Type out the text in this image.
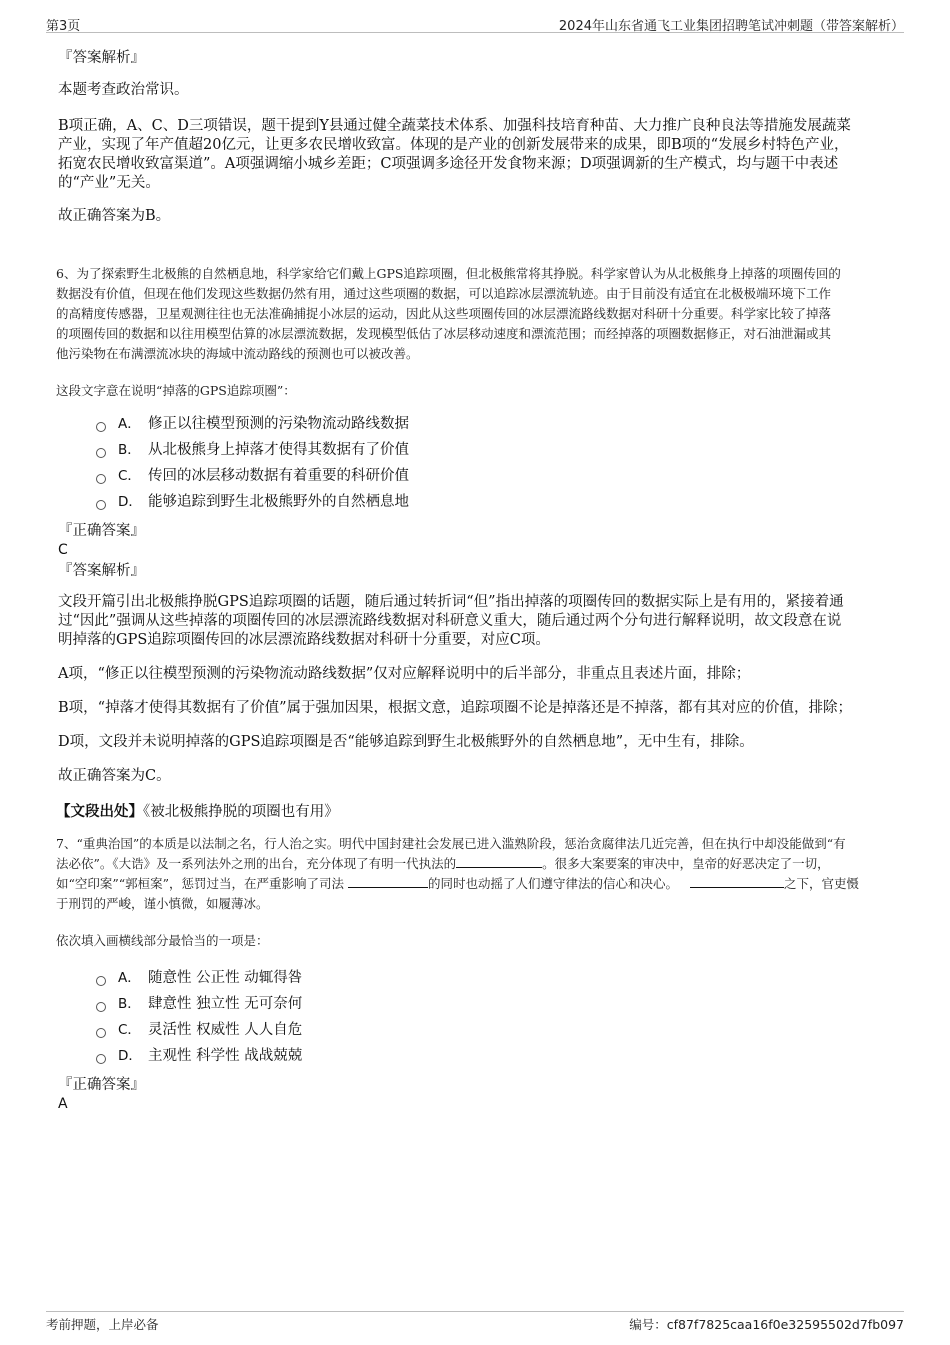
第3页	2024年山东省通飞工业集团招聘笔试冲刺题（带答案解析）
『答案解析』
本题考查政治常识。
B项正确，A、C、D三项错误，题干提到Y县通过健全蔬菜技术体系、加强科技培育种苗、大力推广良种良法等措施发展蔬菜
产业，实现了年产值超20亿元，让更多农民增收致富。体现的是产业的创新发展带来的成果，即B项的“发展乡村特色产业，
拓宽农民增收致富渠道”。A项强调缩小城乡差距；C项强调多途径开发食物来源；D项强调新的生产模式，均与题干中表述
的“产业”无关。
故正确答案为B。
6、为了探索野生北极熊的自然栖息地，科学家给它们戴上GPS追踪项圈，但北极熊常将其挣脱。科学家曾认为从北极熊身上掉落的项圈传回的
数据没有价值，但现在他们发现这些数据仍然有用，通过这些项圈的数据，可以追踪冰层漂流轨迹。由于目前没有适宜在北极极端环境下工作
的高精度传感器，卫星观测往往也无法准确捕捉小冰层的运动，因此从这些项圈传回的冰层漂流路线数据对科研十分重要。科学家比较了掉落
的项圈传回的数据和以往用模型估算的冰层漂流数据，发现模型低估了冰层移动速度和漂流范围；而经掉落的项圈数据修正，对石油泄漏或其
他污染物在布满漂流冰块的海域中流动路线的预测也可以被改善。
这段文字意在说明“掉落的GPS追踪项圈”：
A． 修正以往模型预测的污染物流动路线数据
B． 从北极熊身上掉落才使得其数据有了价值
C． 传回的冰层移动数据有着重要的科研价值
D． 能够追踪到野生北极熊野外的自然栖息地
『正确答案』
C
『答案解析』
文段开篇引出北极熊挣脱GPS追踪项圈的话题，随后通过转折词“但”指出掉落的项圈传回的数据实际上是有用的，紧接着通
过“因此”强调从这些掉落的项圈传回的冰层漂流路线数据对科研意义重大，随后通过两个分句进行解释说明，故文段意在说
明掉落的GPS追踪项圈传回的冰层漂流路线数据对科研十分重要，对应C项。
A项，“修正以往模型预测的污染物流动路线数据”仅对应解释说明中的后半部分，非重点且表述片面，排除；
B项，“掉落才使得其数据有了价值”属于强加因果，根据文意，追踪项圈不论是掉落还是不掉落，都有其对应的价值，排除；
D项，文段并未说明掉落的GPS追踪项圈是否“能够追踪到野生北极熊野外的自然栖息地”，无中生有，排除。
故正确答案为C。
【文段出处】《被北极熊挣脱的项圈也有用》
7、“重典治国”的本质是以法制之名，行人治之实。明代中国封建社会发展已进入滥熟阶段，惩治贪腐律法几近完善，但在执行中却没能做到“有
法必依”。《大诰》及一系列法外之刑的出台，充分体现了有明一代执法的	。很多大案要案的审决中，皇帝的好恶决定了一切，
如“空印案”“郭桓案”，惩罚过当，在严重影响了司法	的同时也动摇了人们遵守律法的信心和决心。	之下，官吏慑
于刑罚的严峻，谨小慎微，如履薄冰。
依次填入画横线部分最恰当的一项是：
A． 随意性 公正性 动辄得咎
B． 肆意性 独立性 无可奈何
C． 灵活性 权威性 人人自危
D． 主观性 科学性 战战兢兢
『正确答案』
A
考前押题，上岸必备	编号：cf87f7825caa16f0e32595502d7fb097
